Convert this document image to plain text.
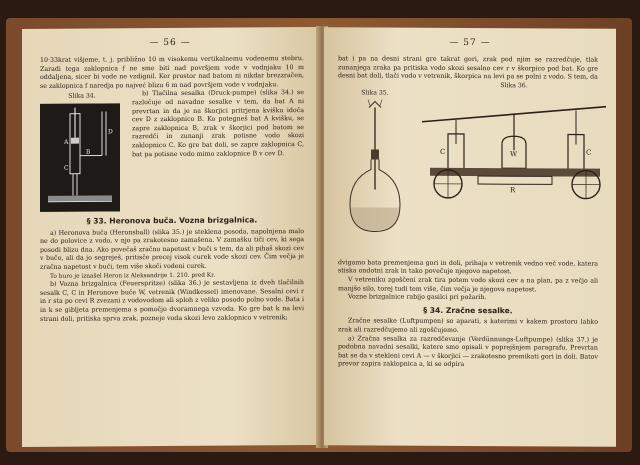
— 56 —

10·33krat višjeme, t. j. približno 10 m visokemu vertikalnemu vodenemu stebru. Zaradi tega zaklopnica f ne sme biti nad površjem vode v vodnjaku 10 m oddaljena, sicer bi vode ne vzdignil. Ker prostor nad batom ni nikdar brezzračen, se zaklopnica f naredja po najveć blizu 6 m nad površjem vode v vodnjaku.

Slika 34.
A
B
C
D

b) Tlačilna sesalka (Druck-pumpe) (slika 34.) se razločuje od navadne sesalke v tem, da bat A ni prevrtan in da je na škorjici pritrjena kvišku idoča cev D z zaklopnico B. Ko potegneš bat A kvišku, se zapre zaklopnica B, zrak v škorjici pod batom se razredči in zunanji zrak potisne vodo skozi zaklopnico C. Ko gre bat doli, se zapre zaklopnica C, bat pa potisne vodo mimo zaklopnice B v cev D.

§ 33. Heronova buča. Vozna brizgalnica.

a) Heronova buča (Heronsball) (slika 35.) je steklena posoda, napolnjena malo ne do polovice z vodo, v njo pa zrakotesno zamašena. V zamašku tiči cev, ki sega posodi blizu dna. Ako povečaš zračno napetost v buči s tem, da ali pihaš skozi cev v bučo, ali da jo segreješ, pritisče precej visok curek vode skozi cev. Čim večja je zračna napetost v buči, tem više skoči vodeni curek.

To buro je iznašel Heron iz Aleksandrije 1. 210. pred Kr.

b) Vozna brizgalnica (Feuerspritze) (slika 36.) je sestavljena iz dveh tlačilnih sesalk C, C in Heronove buče W, vetrenik (Windkessel) imenovane. Sesalni cevi r in r sta po cevi R zvezani z vodovodom ali sploh z veliko posodo polno vode. Bata i in k se gibljeta premenjema s pomočjo dvoramnega vzvoda. Ko gre bat k na levi strani doli, pritiska sprva zrak, pozneje voda skozi levo zaklopnico v vetrenik;

— 57 —

bat i pa na desni strani gre takrat gori, zrak pod njim se razredčuje, tlak zunanjega zraka pa pritiska vodo skozi sesalno cev r v škorpico pod bat. Ko gre desni bat doli, tlači vodo v vetrenik, škorpica na levi pa se polni z vodo. S tem, da

Slika 35.
Slika 36.
C	W	C
R

dvigamo bata premenjema gori in doli, prihaja v vetrenik vedno več vode, katera stiska ondotni zrak in tako povečuje njegovo napetost.

V vetreniku zgoščeni zrak tira potem vodo skozi cev a na plan, pa z večjo ali manjšo silo, torej tudi tem više, čim večja je njegova napetost.

Vozne brizgalnice rabijo gasilci pri požarih.

§ 34. Zračne sesalke.

Zračne sesalke (Luftpumpen) so aparati, s katerimi v kakem prostoru lahko zrak ali razredčujemo ali zgoščujemo.

a) Zračna sesalka za razredčevanje (Verdünnungs-Luftpumpe) (slika 37.) je podobna navadni sesalki, katere smo opisali v poprejšnjem paragrafu. Prevrtan bat se da v stekleni cevi A — v škorjici — zrakotesno premikati gori in doli. Batov prevor zapira zaklopnica a, ki se odpira
